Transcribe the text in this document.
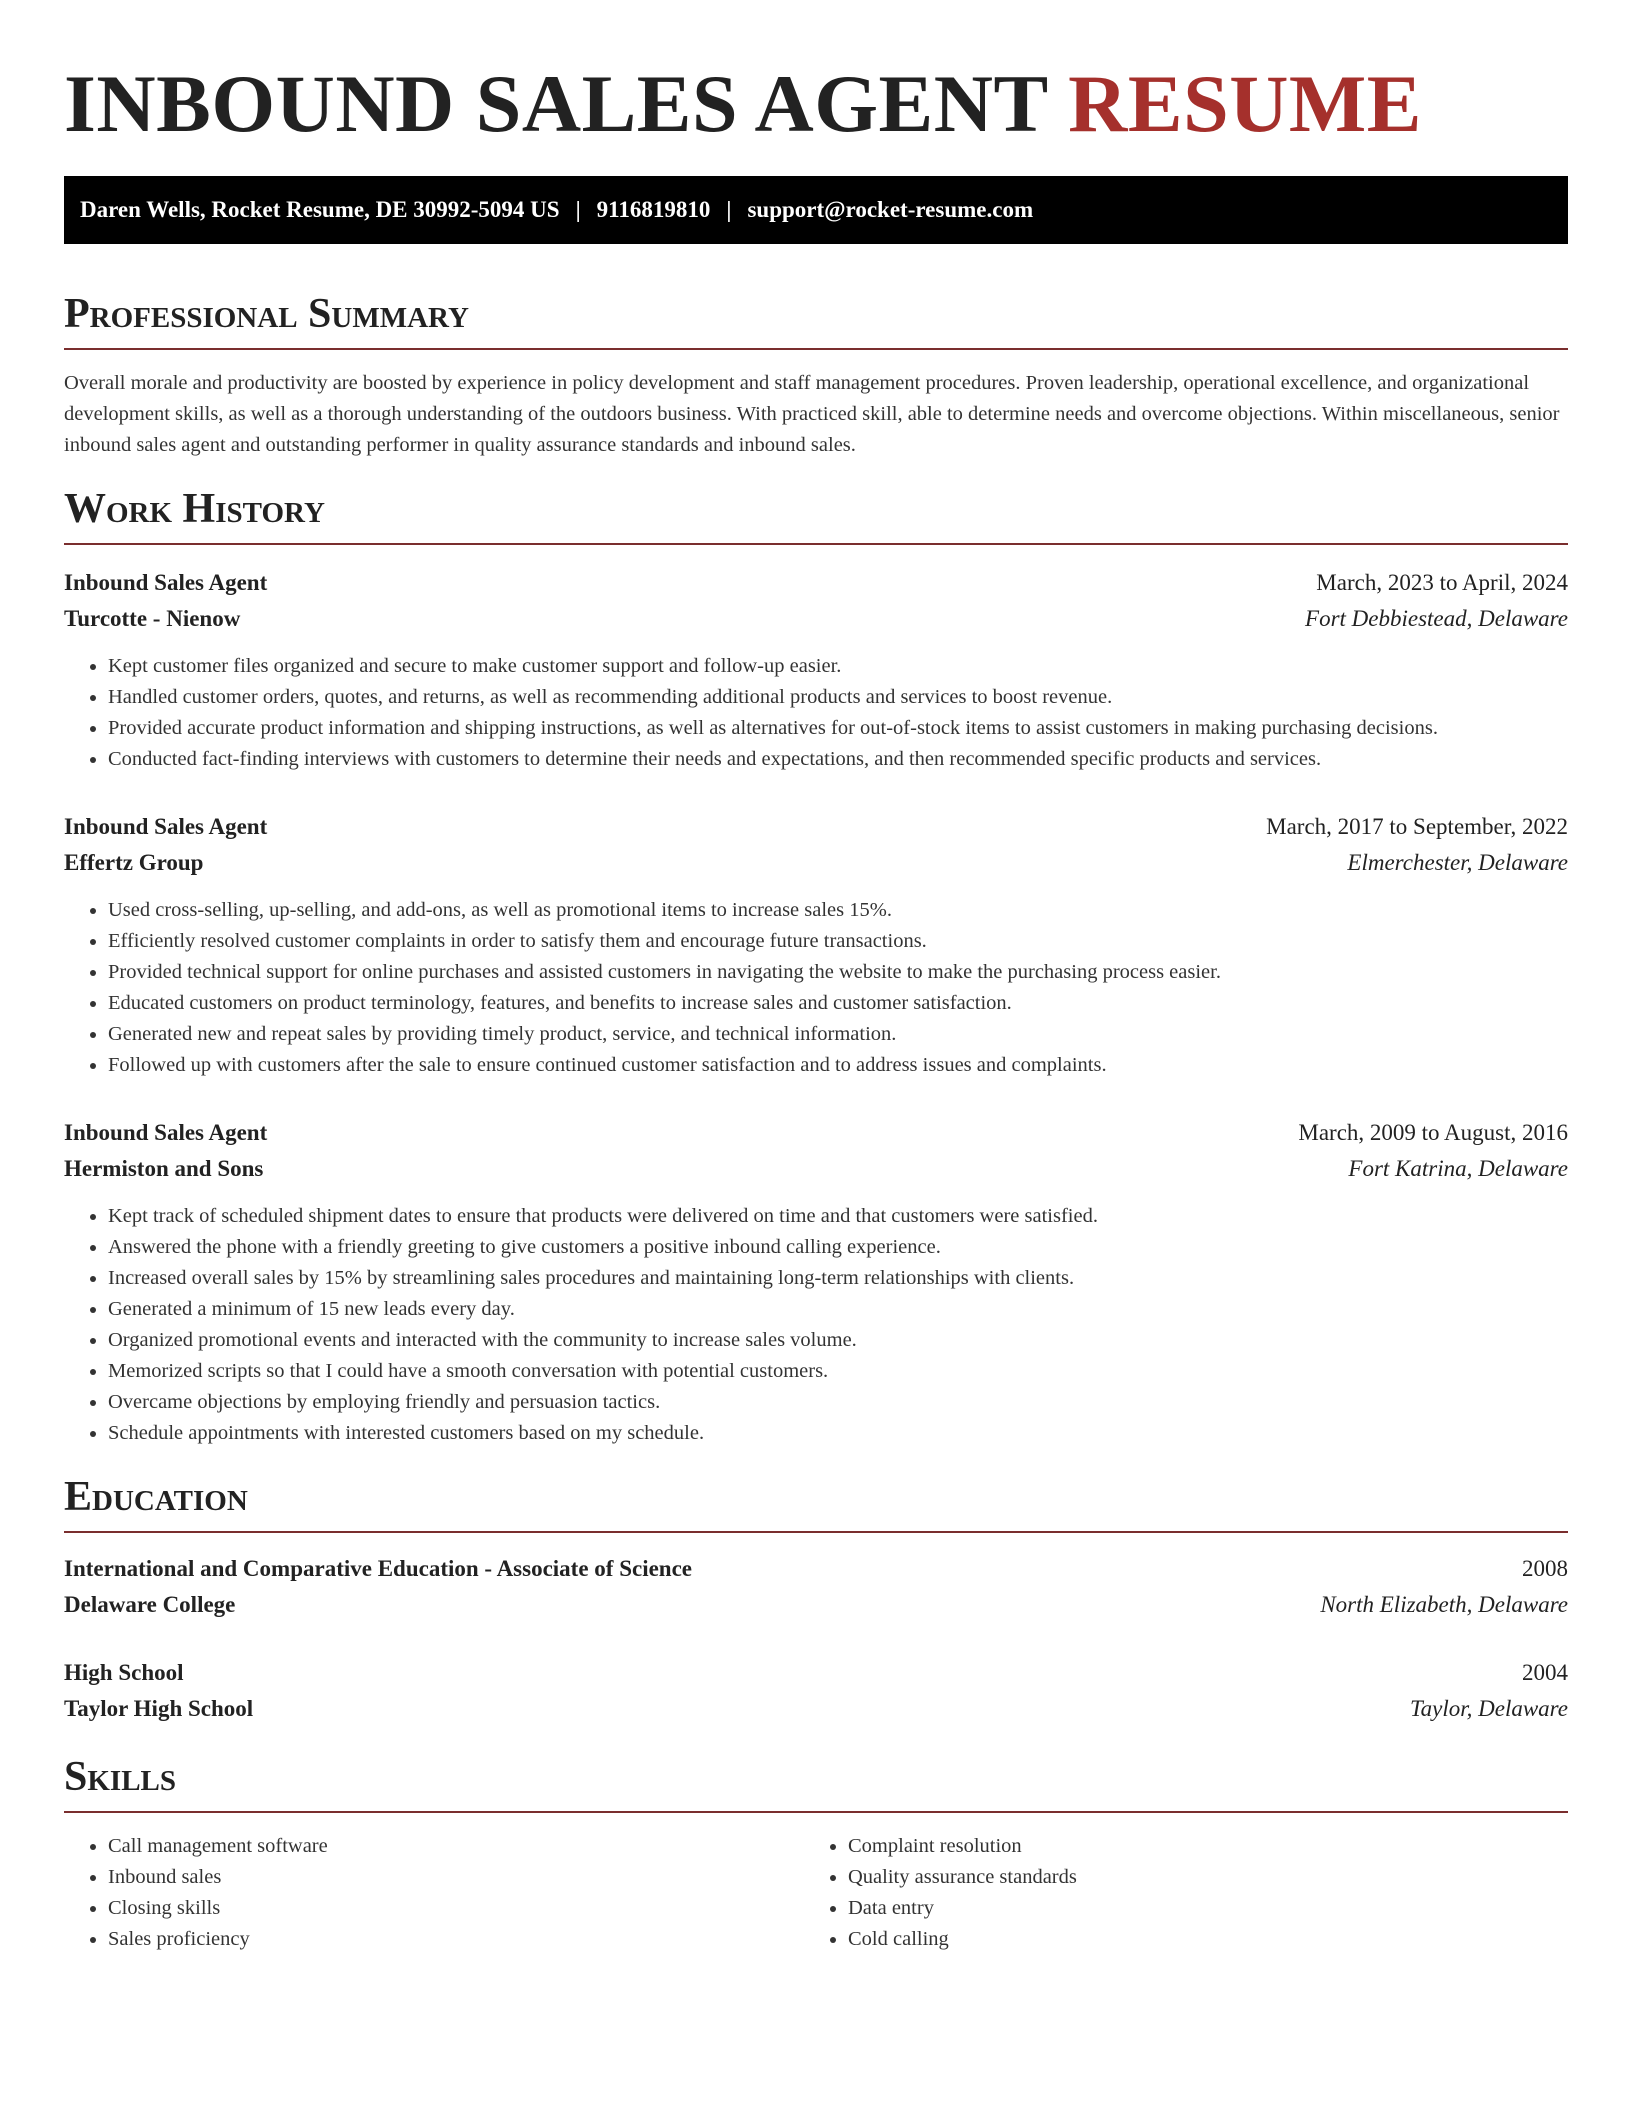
INBOUND SALES AGENT RESUME
Daren Wells, Rocket Resume, DE 30992-5094 US | 9116819810 | support@rocket-resume.com
Professional Summary

Overall morale and productivity are boosted by experience in policy development and staff management procedures. Proven leadership, operational excellence, and organizational development skills, as well as a thorough understanding of the outdoors business. With practiced skill, able to determine needs and overcome objections. Within miscellaneous, senior inbound sales agent and outstanding performer in quality assurance standards and inbound sales.

Work History
Inbound Sales Agent	March, 2023 to April, 2024
Turcotte - Nienow	Fort Debbiestead, Delaware
• Kept customer files organized and secure to make customer support and follow-up easier.
• Handled customer orders, quotes, and returns, as well as recommending additional products and services to boost revenue.
• Provided accurate product information and shipping instructions, as well as alternatives for out-of-stock items to assist customers in making purchasing decisions.
• Conducted fact-finding interviews with customers to determine their needs and expectations, and then recommended specific products and services.
Inbound Sales Agent	March, 2017 to September, 2022
Effertz Group	Elmerchester, Delaware
• Used cross-selling, up-selling, and add-ons, as well as promotional items to increase sales 15%.
• Efficiently resolved customer complaints in order to satisfy them and encourage future transactions.
• Provided technical support for online purchases and assisted customers in navigating the website to make the purchasing process easier.
• Educated customers on product terminology, features, and benefits to increase sales and customer satisfaction.
• Generated new and repeat sales by providing timely product, service, and technical information.
• Followed up with customers after the sale to ensure continued customer satisfaction and to address issues and complaints.
Inbound Sales Agent	March, 2009 to August, 2016
Hermiston and Sons	Fort Katrina, Delaware
• Kept track of scheduled shipment dates to ensure that products were delivered on time and that customers were satisfied.
• Answered the phone with a friendly greeting to give customers a positive inbound calling experience.
• Increased overall sales by 15% by streamlining sales procedures and maintaining long-term relationships with clients.
• Generated a minimum of 15 new leads every day.
• Organized promotional events and interacted with the community to increase sales volume.
• Memorized scripts so that I could have a smooth conversation with potential customers.
• Overcame objections by employing friendly and persuasion tactics.
• Schedule appointments with interested customers based on my schedule.
Education
International and Comparative Education - Associate of Science	2008
Delaware College	North Elizabeth, Delaware
High School	2004
Taylor High School	Taylor, Delaware
Skills
• Call management software
• Inbound sales
• Closing skills
• Sales proficiency
• Complaint resolution
• Quality assurance standards
• Data entry
• Cold calling
